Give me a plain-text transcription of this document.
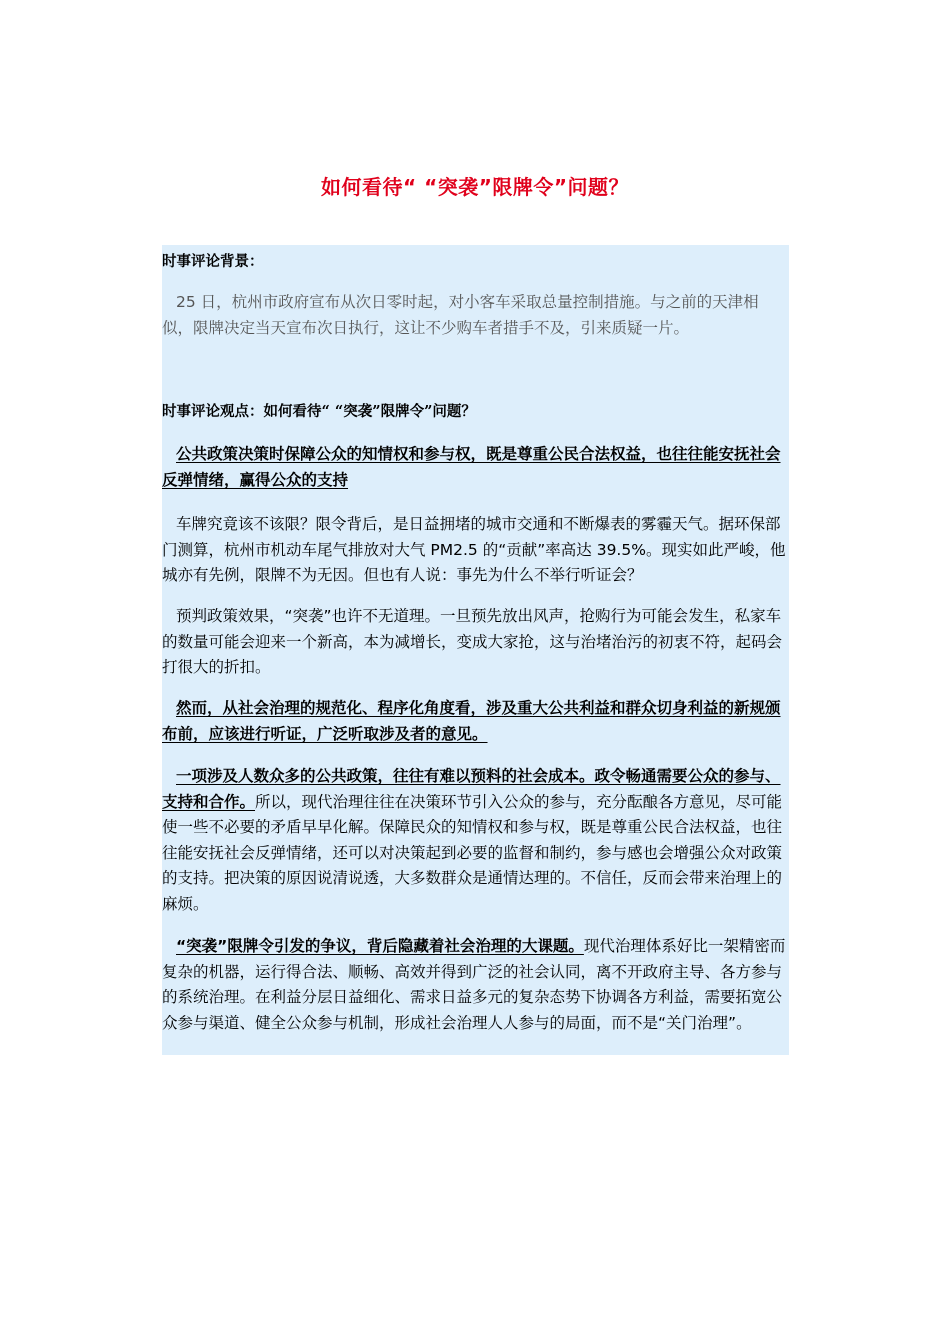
如何看待“ “突袭”限牌令”问题？
时事评论背景：
25 日，杭州市政府宣布从次日零时起，对小客车采取总量控制措施。与之前的天津相似，限牌决定当天宣布次日执行，这让不少购车者措手不及，引来质疑一片。
时事评论观点：如何看待“ “突袭”限牌令”问题？
公共政策决策时保障公众的知情权和参与权，既是尊重公民合法权益，也往往能安抚社会反弹情绪，赢得公众的支持
车牌究竟该不该限？限令背后，是日益拥堵的城市交通和不断爆表的雾霾天气。据环保部门测算，杭州市机动车尾气排放对大气 PM2.5 的“贡献”率高达 39.5%。现实如此严峻，他城亦有先例，限牌不为无因。但也有人说：事先为什么不举行听证会？
预判政策效果，“突袭”也许不无道理。一旦预先放出风声，抢购行为可能会发生，私家车的数量可能会迎来一个新高，本为减增长，变成大家抢，这与治堵治污的初衷不符，起码会打很大的折扣。
然而，从社会治理的规范化、程序化角度看，涉及重大公共利益和群众切身利益的新规颁布前，应该进行听证，广泛听取涉及者的意见。
一项涉及人数众多的公共政策，往往有难以预料的社会成本。政令畅通需要公众的参与、支持和合作。所以，现代治理往往在决策环节引入公众的参与，充分酝酿各方意见，尽可能使一些不必要的矛盾早早化解。保障民众的知情权和参与权，既是尊重公民合法权益，也往往能安抚社会反弹情绪，还可以对决策起到必要的监督和制约，参与感也会增强公众对政策的支持。把决策的原因说清说透，大多数群众是通情达理的。不信任，反而会带来治理上的麻烦。
“突袭”限牌令引发的争议，背后隐藏着社会治理的大课题。现代治理体系好比一架精密而复杂的机器，运行得合法、顺畅、高效并得到广泛的社会认同，离不开政府主导、各方参与的系统治理。在利益分层日益细化、需求日益多元的复杂态势下协调各方利益，需要拓宽公众参与渠道、健全公众参与机制，形成社会治理人人参与的局面，而不是“关门治理”。
